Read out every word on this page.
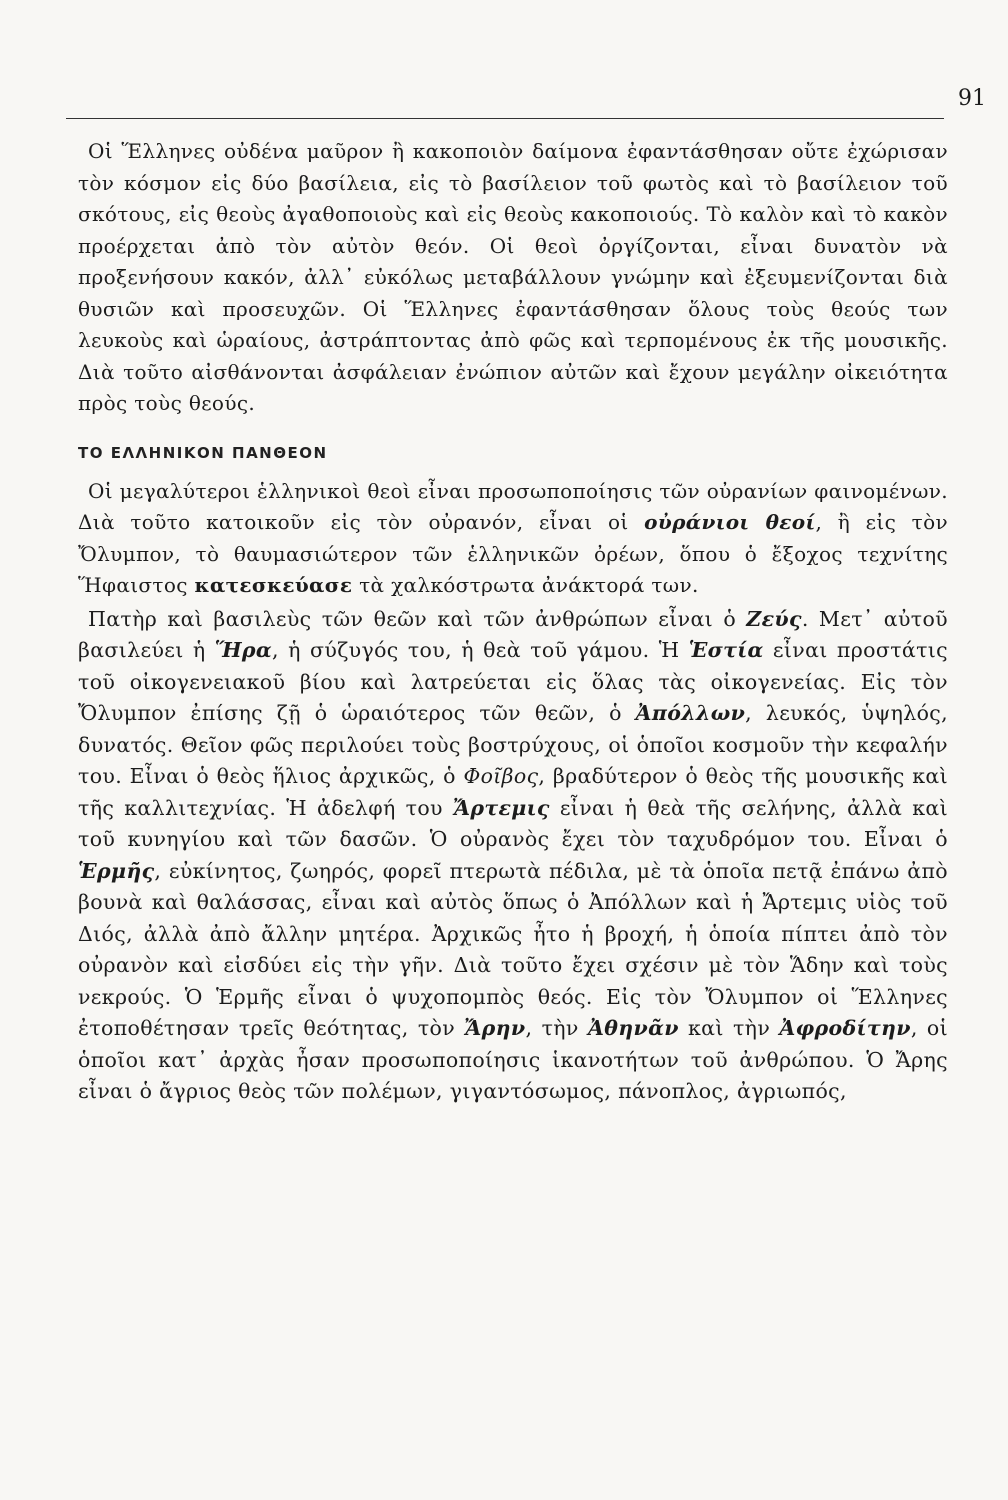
91

Οἱ Ἕλληνες οὐδένα μαῦρον ἢ κακοποιὸν δαίμονα ἐφαντάσθησαν οὔτε ἐχώρισαν τὸν κόσμον εἰς δύο βασίλεια, εἰς τὸ βασίλειον τοῦ φωτὸς καὶ τὸ βασίλειον τοῦ σκότους, εἰς θεοὺς ἀγαθοποιοὺς καὶ εἰς θεοὺς κακοποιούς. Τὸ καλὸν καὶ τὸ κακὸν προέρχεται ἀπὸ τὸν αὐτὸν θεόν. Οἱ θεοὶ ὀργίζονται, εἶναι δυνατὸν νὰ προξενήσουν κακόν, ἀλλ᾿ εὐκόλως μεταβάλλουν γνώμην καὶ ἐξευμενίζονται διὰ θυσιῶν καὶ προσευχῶν. Οἱ Ἕλληνες ἐφαντάσθησαν ὅλους τοὺς θεούς των λευκοὺς καὶ ὡραίους, ἀστράπτοντας ἀπὸ φῶς καὶ τερπομένους ἐκ τῆς μουσικῆς. Διὰ τοῦτο αἰσθάνονται ἀσφάλειαν ἐνώπιον αὐτῶν καὶ ἔχουν μεγάλην οἰκειότητα πρὸς τοὺς θεούς.

ΤΟ ΕΛΛΗΝΙΚΟΝ ΠΑΝΘΕΟΝ

Οἱ μεγαλύτεροι ἑλληνικοὶ θεοὶ εἶναι προσωποποίησις τῶν οὐρανίων φαινομένων. Διὰ τοῦτο κατοικοῦν εἰς τὸν οὐρανόν, εἶναι οἱ οὐράνιοι θεοί, ἢ εἰς τὸν Ὄλυμπον, τὸ θαυμασιώτερον τῶν ἑλληνικῶν ὀρέων, ὅπου ὁ ἔξοχος τεχνίτης Ἥφαιστος κατεσκεύασε τὰ χαλκόστρωτα ἀνάκτορά των.

Πατὴρ καὶ βασιλεὺς τῶν θεῶν καὶ τῶν ἀνθρώπων εἶναι ὁ Ζεύς. Μετ᾿ αὐτοῦ βασιλεύει ἡ Ἥρα, ἡ σύζυγός του, ἡ θεὰ τοῦ γάμου. Ἡ Ἑστία εἶναι προστάτις τοῦ οἰκογενειακοῦ βίου καὶ λατρεύεται εἰς ὅλας τὰς οἰκογενείας. Εἰς τὸν Ὄλυμπον ἐπίσης ζῇ ὁ ὡραιότερος τῶν θεῶν, ὁ Ἀπόλλων, λευκός, ὑψηλός, δυνατός. Θεῖον φῶς περιλούει τοὺς βοστρύχους, οἱ ὁποῖοι κοσμοῦν τὴν κεφαλήν του. Εἶναι ὁ θεὸς ἥλιος ἀρχικῶς, ὁ Φοῖβος, βραδύτερον ὁ θεὸς τῆς μουσικῆς καὶ τῆς καλλιτεχνίας. Ἡ ἀδελφή του Ἄρτεμις εἶναι ἡ θεὰ τῆς σελήνης, ἀλλὰ καὶ τοῦ κυνηγίου καὶ τῶν δασῶν. Ὁ οὐρανὸς ἔχει τὸν ταχυδρόμον του. Εἶναι ὁ Ἑρμῆς, εὐκίνητος, ζωηρός, φορεῖ πτερωτὰ πέδιλα, μὲ τὰ ὁποῖα πετᾷ ἐπάνω ἀπὸ βουνὰ καὶ θαλάσσας, εἶναι καὶ αὐτὸς ὅπως ὁ Ἀπόλλων καὶ ἡ Ἄρτεμις υἱὸς τοῦ Διός, ἀλλὰ ἀπὸ ἄλλην μητέρα. Ἀρχικῶς ἦτο ἡ βροχή, ἡ ὁποία πίπτει ἀπὸ τὸν οὐρανὸν καὶ εἰσδύει εἰς τὴν γῆν. Διὰ τοῦτο ἔχει σχέσιν μὲ τὸν Ἅδην καὶ τοὺς νεκρούς. Ὁ Ἑρμῆς εἶναι ὁ ψυχοπομπὸς θεός. Εἰς τὸν Ὄλυμπον οἱ Ἕλληνες ἐτοποθέτησαν τρεῖς θεότητας, τὸν Ἄρην, τὴν Ἀθηνᾶν καὶ τὴν Ἀφροδίτην, οἱ ὁποῖοι κατ᾿ ἀρχὰς ἦσαν προσωποποίησις ἱκανοτήτων τοῦ ἀνθρώπου. Ὁ Ἄρης εἶναι ὁ ἄγριος θεὸς τῶν πολέμων, γιγαντόσωμος, πάνοπλος, ἀγριωπός,
